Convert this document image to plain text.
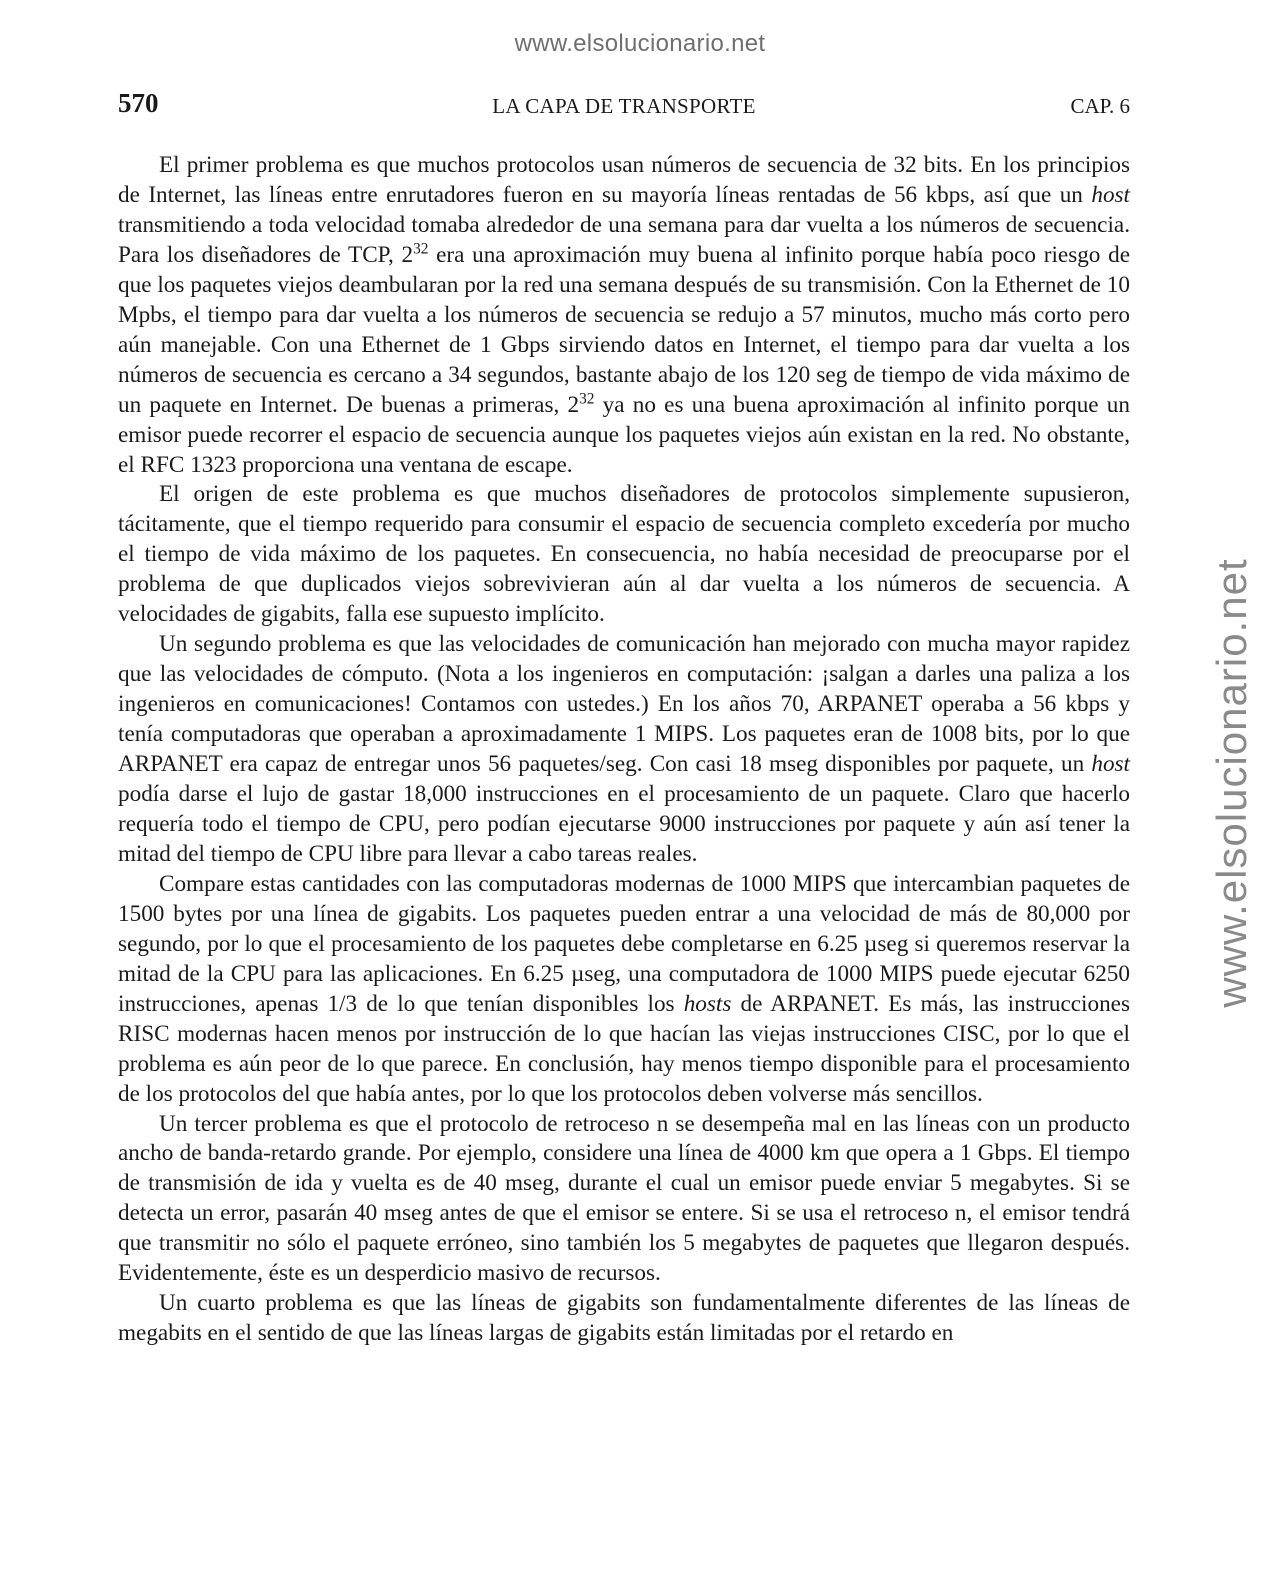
www.elsolucionario.net
www.elsolucionario.net
570	LA CAPA DE TRANSPORTE	CAP. 6

El primer problema es que muchos protocolos usan números de secuencia de 32 bits. En los principios de Internet, las líneas entre enrutadores fueron en su mayoría líneas rentadas de 56 kbps, así que un host transmitiendo a toda velocidad tomaba alrededor de una semana para dar vuelta a los números de secuencia. Para los diseñadores de TCP, $2^{32}$ era una aproximación muy buena al infinito porque había poco riesgo de que los paquetes viejos deambularan por la red una semana después de su transmisión. Con la Ethernet de 10 Mpbs, el tiempo para dar vuelta a los números de secuencia se redujo a 57 minutos, mucho más corto pero aún manejable. Con una Ethernet de 1 Gbps sirviendo datos en Internet, el tiempo para dar vuelta a los números de secuencia es cercano a 34 segundos, bastante abajo de los 120 seg de tiempo de vida máximo de un paquete en Internet. De buenas a primeras, $2^{32}$ ya no es una buena aproximación al infinito porque un emisor puede recorrer el espacio de secuencia aunque los paquetes viejos aún existan en la red. No obstante, el RFC 1323 proporciona una ventana de escape.

El origen de este problema es que muchos diseñadores de protocolos simplemente supusieron, tácitamente, que el tiempo requerido para consumir el espacio de secuencia completo excedería por mucho el tiempo de vida máximo de los paquetes. En consecuencia, no había necesidad de preocuparse por el problema de que duplicados viejos sobrevivieran aún al dar vuelta a los números de secuencia. A velocidades de gigabits, falla ese supuesto implícito.

Un segundo problema es que las velocidades de comunicación han mejorado con mucha mayor rapidez que las velocidades de cómputo. (Nota a los ingenieros en computación: ¡salgan a darles una paliza a los ingenieros en comunicaciones! Contamos con ustedes.) En los años 70, ARPANET operaba a 56 kbps y tenía computadoras que operaban a aproximadamente 1 MIPS. Los paquetes eran de 1008 bits, por lo que ARPANET era capaz de entregar unos 56 paquetes/seg. Con casi 18 mseg disponibles por paquete, un host podía darse el lujo de gastar 18,000 instrucciones en el procesamiento de un paquete. Claro que hacerlo requería todo el tiempo de CPU, pero podían ejecutarse 9000 instrucciones por paquete y aún así tener la mitad del tiempo de CPU libre para llevar a cabo tareas reales.

Compare estas cantidades con las computadoras modernas de 1000 MIPS que intercambian paquetes de 1500 bytes por una línea de gigabits. Los paquetes pueden entrar a una velocidad de más de 80,000 por segundo, por lo que el procesamiento de los paquetes debe completarse en 6.25 µseg si queremos reservar la mitad de la CPU para las aplicaciones. En 6.25 µseg, una computadora de 1000 MIPS puede ejecutar 6250 instrucciones, apenas 1/3 de lo que tenían disponibles los hosts de ARPANET. Es más, las instrucciones RISC modernas hacen menos por instrucción de lo que hacían las viejas instrucciones CISC, por lo que el problema es aún peor de lo que parece. En conclusión, hay menos tiempo disponible para el procesamiento de los protocolos del que había antes, por lo que los protocolos deben volverse más sencillos.

Un tercer problema es que el protocolo de retroceso n se desempeña mal en las líneas con un producto ancho de banda-retardo grande. Por ejemplo, considere una línea de 4000 km que opera a 1 Gbps. El tiempo de transmisión de ida y vuelta es de 40 mseg, durante el cual un emisor puede enviar 5 megabytes. Si se detecta un error, pasarán 40 mseg antes de que el emisor se entere. Si se usa el retroceso n, el emisor tendrá que transmitir no sólo el paquete erróneo, sino también los 5 megabytes de paquetes que llegaron después. Evidentemente, éste es un desperdicio masivo de recursos.

Un cuarto problema es que las líneas de gigabits son fundamentalmente diferentes de las líneas de megabits en el sentido de que las líneas largas de gigabits están limitadas por el retardo en
